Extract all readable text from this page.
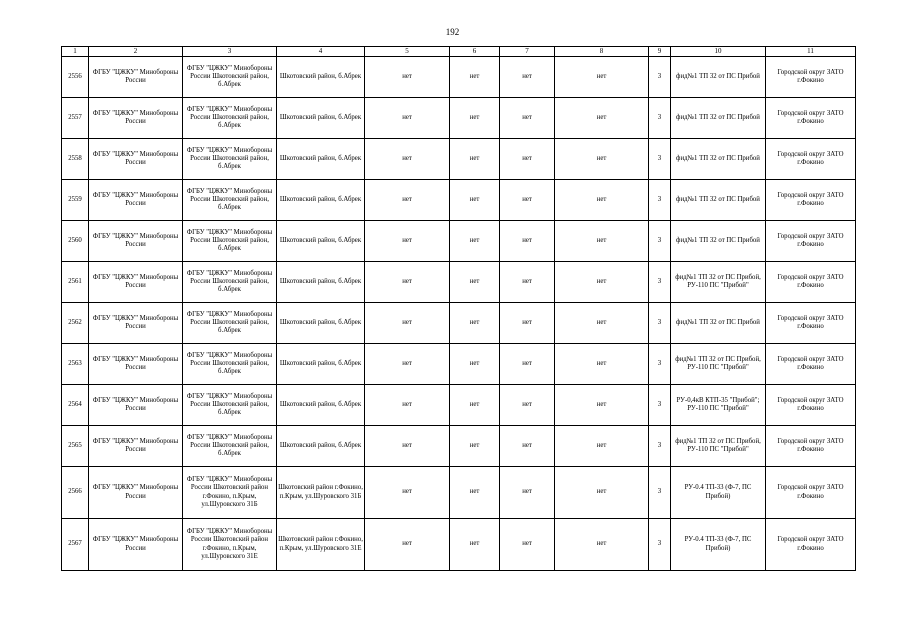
192
1	2	3	4	5	6	7	8	9	10	11
2556	ФГБУ "ЦЖКУ" Минобороны России	ФГБУ "ЦЖКУ" Минобороны России Шкотовский район, б.Абрек	Шкотовский район, б.Абрек	нет	нет	нет	нет	3	фид№1 ТП 32 от ПС Прибой	Городской округ ЗАТО г.Фокино
2557	ФГБУ "ЦЖКУ" Минобороны России	ФГБУ "ЦЖКУ" Минобороны России Шкотовский район, б.Абрек	Шкотовский район, б.Абрек	нет	нет	нет	нет	3	фид№1 ТП 32 от ПС Прибой	Городской округ ЗАТО г.Фокино
2558	ФГБУ "ЦЖКУ" Минобороны России	ФГБУ "ЦЖКУ" Минобороны России Шкотовский район, б.Абрек	Шкотовский район, б.Абрек	нет	нет	нет	нет	3	фид№1 ТП 32 от ПС Прибой	Городской округ ЗАТО г.Фокино
2559	ФГБУ "ЦЖКУ" Минобороны России	ФГБУ "ЦЖКУ" Минобороны России Шкотовский район, б.Абрек	Шкотовский район, б.Абрек	нет	нет	нет	нет	3	фид№1 ТП 32 от ПС Прибой	Городской округ ЗАТО г.Фокино
2560	ФГБУ "ЦЖКУ" Минобороны России	ФГБУ "ЦЖКУ" Минобороны России Шкотовский район, б.Абрек	Шкотовский район, б.Абрек	нет	нет	нет	нет	3	фид№1 ТП 32 от ПС Прибой	Городской округ ЗАТО г.Фокино
2561	ФГБУ "ЦЖКУ" Минобороны России	ФГБУ "ЦЖКУ" Минобороны России Шкотовский район, б.Абрек	Шкотовский район, б.Абрек	нет	нет	нет	нет	3	фид№1 ТП 32 от ПС Прибой, РУ-110 ПС "Прибой"	Городской округ ЗАТО г.Фокино
2562	ФГБУ "ЦЖКУ" Минобороны России	ФГБУ "ЦЖКУ" Минобороны России Шкотовский район, б.Абрек	Шкотовский район, б.Абрек	нет	нет	нет	нет	3	фид№1 ТП 32 от ПС Прибой	Городской округ ЗАТО г.Фокино
2563	ФГБУ "ЦЖКУ" Минобороны России	ФГБУ "ЦЖКУ" Минобороны России Шкотовский район, б.Абрек	Шкотовский район, б.Абрек	нет	нет	нет	нет	3	фид№1 ТП 32 от ПС Прибой, РУ-110 ПС "Прибой"	Городской округ ЗАТО г.Фокино
2564	ФГБУ "ЦЖКУ" Минобороны России	ФГБУ "ЦЖКУ" Минобороны России Шкотовский район, б.Абрек	Шкотовский район, б.Абрек	нет	нет	нет	нет	3	РУ-0,4кВ КТП-35 "Прибой"; РУ-110 ПС "Прибой"	Городской округ ЗАТО г.Фокино
2565	ФГБУ "ЦЖКУ" Минобороны России	ФГБУ "ЦЖКУ" Минобороны России Шкотовский район, б.Абрек	Шкотовский район, б.Абрек	нет	нет	нет	нет	3	фид№1 ТП 32 от ПС Прибой, РУ-110 ПС "Прибой"	Городской округ ЗАТО г.Фокино
2566	ФГБУ "ЦЖКУ" Минобороны России	ФГБУ "ЦЖКУ" Минобороны России Шкотовский район г.Фокино, п.Крым, ул.Шуровского 31Б	Шкотовский район г.Фокино, п.Крым, ул.Шуровского 31Б	нет	нет	нет	нет	3	РУ-0.4 ТП-33 (Ф-7, ПС Прибой)	Городской округ ЗАТО г.Фокино
2567	ФГБУ "ЦЖКУ" Минобороны России	ФГБУ "ЦЖКУ" Минобороны России Шкотовский район г.Фокино, п.Крым, ул.Шуровского 31Е	Шкотовский район г.Фокино, п.Крым, ул.Шуровского 31Е	нет	нет	нет	нет	3	РУ-0.4 ТП-33 (Ф-7, ПС Прибой)	Городской округ ЗАТО г.Фокино
